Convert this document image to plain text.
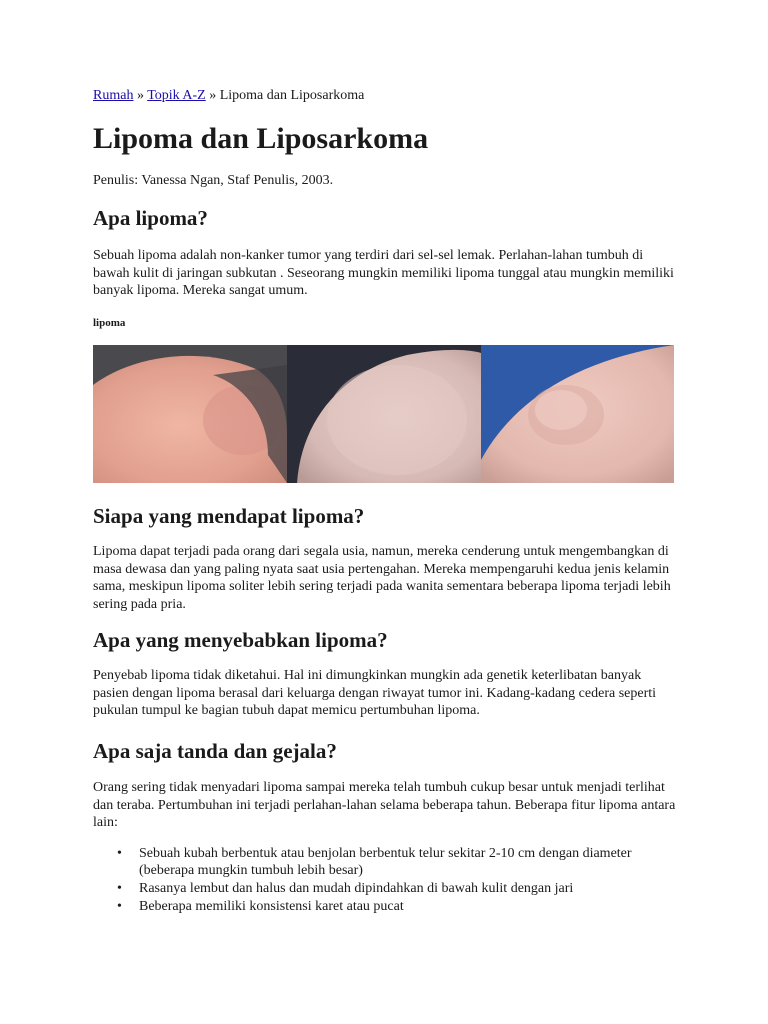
Rumah » Topik A-Z » Lipoma dan Liposarkoma
Lipoma dan Liposarkoma

Penulis: Vanessa Ngan, Staf Penulis, 2003.

Apa lipoma?

Sebuah lipoma adalah non-kanker tumor yang terdiri dari sel-sel lemak. Perlahan-lahan tumbuh di bawah kulit di jaringan subkutan . Seseorang mungkin memiliki lipoma tunggal atau mungkin memiliki banyak lipoma. Mereka sangat umum.

lipoma

Siapa yang mendapat lipoma?

Lipoma dapat terjadi pada orang dari segala usia, namun, mereka cenderung untuk mengembangkan di masa dewasa dan yang paling nyata saat usia pertengahan. Mereka mempengaruhi kedua jenis kelamin sama, meskipun lipoma soliter lebih sering terjadi pada wanita sementara beberapa lipoma terjadi lebih sering pada pria.

Apa yang menyebabkan lipoma?

Penyebab lipoma tidak diketahui. Hal ini dimungkinkan mungkin ada genetik keterlibatan banyak pasien dengan lipoma berasal dari keluarga dengan riwayat tumor ini. Kadang-kadang cedera seperti pukulan tumpul ke bagian tubuh dapat memicu pertumbuhan lipoma.

Apa saja tanda dan gejala?

Orang sering tidak menyadari lipoma sampai mereka telah tumbuh cukup besar untuk menjadi terlihat dan teraba. Pertumbuhan ini terjadi perlahan-lahan selama beberapa tahun. Beberapa fitur lipoma antara lain:

• Sebuah kubah berbentuk atau benjolan berbentuk telur sekitar 2-10 cm dengan diameter (beberapa mungkin tumbuh lebih besar)
• Rasanya lembut dan halus dan mudah dipindahkan di bawah kulit dengan jari
• Beberapa memiliki konsistensi karet atau pucat
